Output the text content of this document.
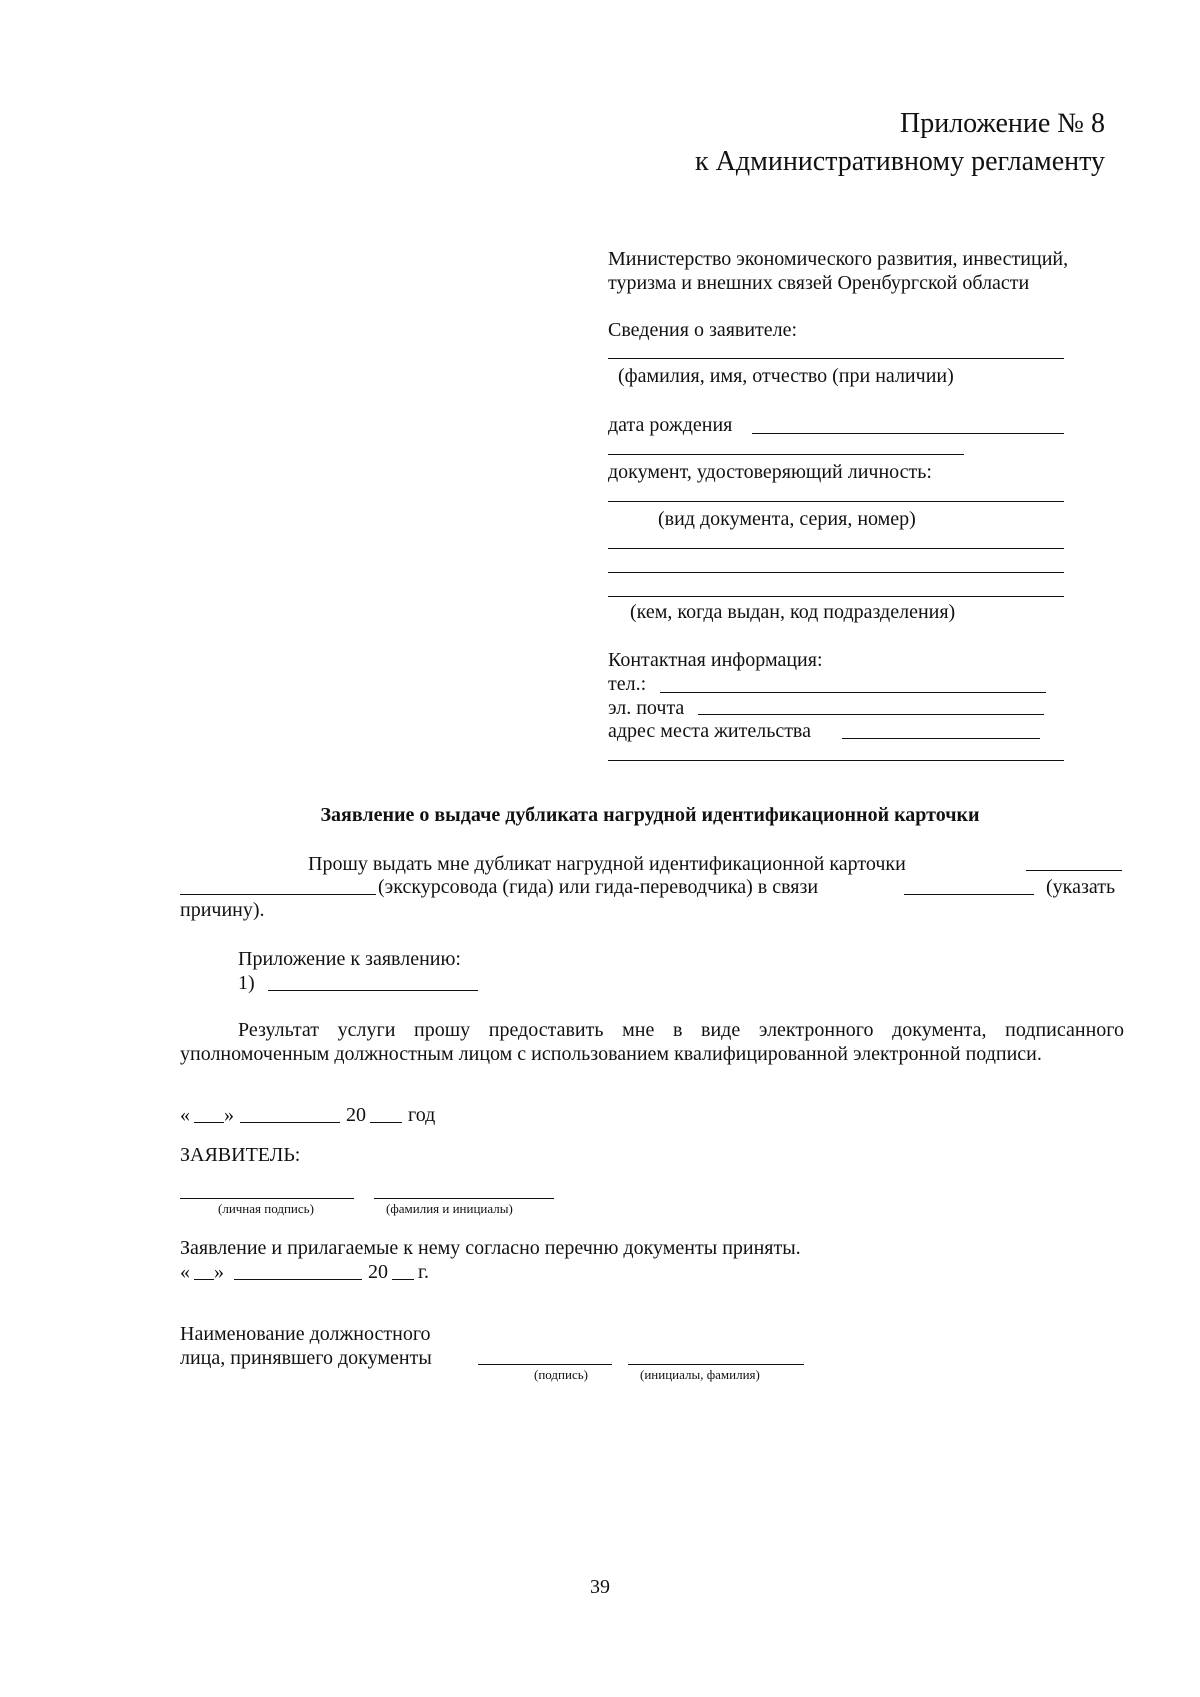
Приложение № 8
к Административному регламенту
Министерство экономического развития, инвестиций,
туризма и внешних связей Оренбургской области
Сведения о заявителе:
(фамилия, имя, отчество (при наличии)
дата рождения
документ, удостоверяющий личность:
(вид документа, серия, номер)
(кем, когда выдан, код подразделения)
Контактная информация:
тел.:
эл. почта
адрес места жительства
Заявление о выдаче дубликата нагрудной идентификационной карточки
Прошу выдать мне дубликат нагрудной идентификационной карточки
(экскурсовода (гида) или гида-переводчика) в связи	(указать
причину).
Приложение к заявлению:
1)
Результат услуги прошу предоставить мне в виде электронного документа, подписанного уполномоченным должностным лицом с использованием квалифицированной электронной подписи.
« »	20 год
ЗАЯВИТЕЛЬ:
(личная подпись)	(фамилия и инициалы)
Заявление и прилагаемые к нему согласно перечню документы приняты.
« »	20 г.
Наименование должностного
лица, принявшего документы
(подпись)	(инициалы, фамилия)
39
